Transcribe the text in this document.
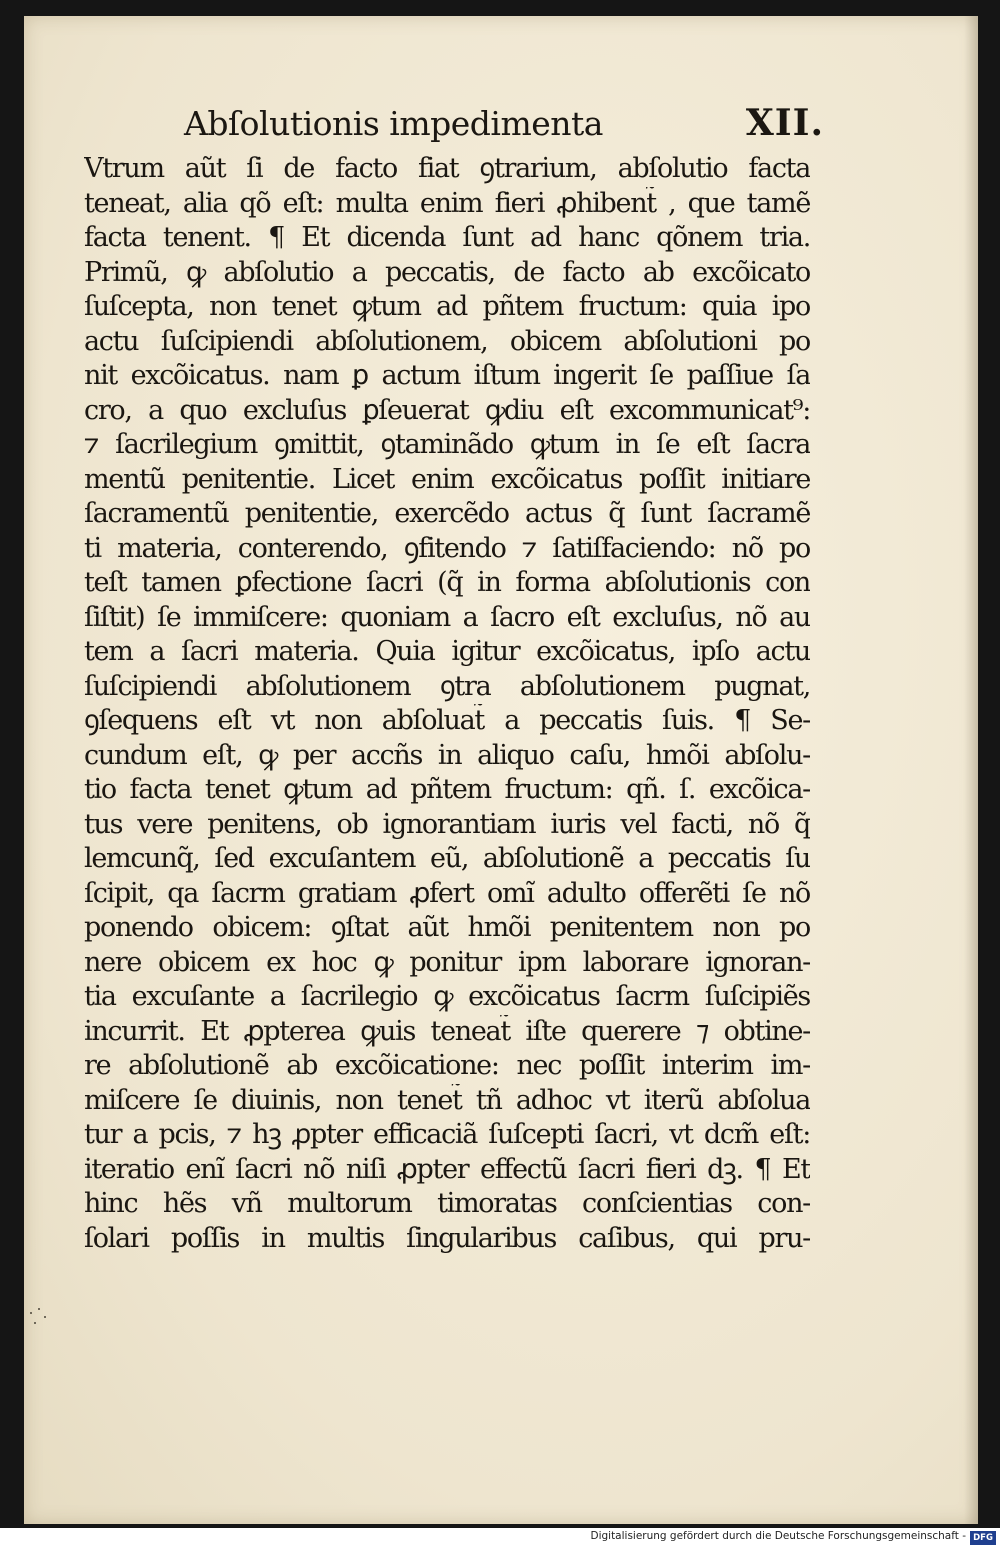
Abſolutionis impedimenta	XII.
Vtrum aũt ſi de facto fiat ꝯtrarium, abſolutio facta
teneat, alia qõ eſt: multa enim fieri ꝓhibent̃ , que tamẽ
facta tenent. ¶ Et dicenda ſunt ad hanc qõnem tria.
Primũ, ꝙ abſolutio a peccatis, de facto ab excõicato
ſuſcepta, non tenet ꝙtum ad pñtem fructum: quia ipo
actu ſuſcipiendi abſolutionem, obicem abſolutioni po
nit excõicatus. nam ꝑ actum iſtum ingerit ſe paſſiue ſa
cro, a quo excluſus ꝑſeuerat ꝙdiu eſt excommunicat⁹:
⁊ ſacrilegium ꝯmittit, ꝯtaminãdo ꝙtum in ſe eſt ſacra
mentũ penitentie. Licet enim excõicatus poſſit initiare
ſacramentũ penitentie, exercẽdo actus q̃ ſunt ſacramẽ
ti materia, conterendo, ꝯfitendo ⁊ ſatiſfaciendo: nõ po
teſt tamen ꝑfectione ſacri (q̃ in forma abſolutionis con
ſiſtit) ſe immiſcere: quoniam a ſacro eſt excluſus, nõ au
tem a ſacri materia. Quia igitur excõicatus, ipſo actu
ſuſcipiendi abſolutionem ꝯtra abſolutionem pugnat,
ꝯſequens eſt vt non abſoluat̃ a peccatis ſuis. ¶ Se-
cundum eſt, ꝙ per accñs in aliquo caſu, hmõi abſolu-
tio facta tenet ꝙtum ad pñtem fructum: qñ. ſ. excõica-
tus vere penitens, ob ignorantiam iuris vel facti, nõ q̃
lemcunq̃, ſed excuſantem eũ, abſolutionẽ a peccatis ſu
ſcipit, qa ſacrm gratiam ꝓfert omĩ adulto offerẽti ſe nõ
ponendo obicem: ꝯſtat aũt hmõi penitentem non po
nere obicem ex hoc ꝙ ponitur ipm laborare ignoran-
tia excuſante a ſacrilegio ꝙ excõicatus ſacrm ſuſcipiẽs
incurrit. Et ꝓpterea ꝙuis teneat̃ iſte querere ⁊ obtine-
re abſolutionẽ ab excõicatione: nec poſſit interim im-
miſcere ſe diuinis, non tenet̃ tñ adhoc vt iterũ abſolua
tur a pcis, ⁊ hꝫ ꝓpter efficaciã ſuſcepti ſacri, vt dcm̃ eſt:
iteratio enĩ ſacri nõ niſi ꝓpter effectũ ſacri fieri dꝫ. ¶ Et
hinc hẽs vñ multorum timoratas conſcientias con-
ſolari poſſis in multis ſingularibus caſibus, qui pru-
Digitalisierung gefördert durch die Deutsche Forschungsgemeinschaft - DFG
